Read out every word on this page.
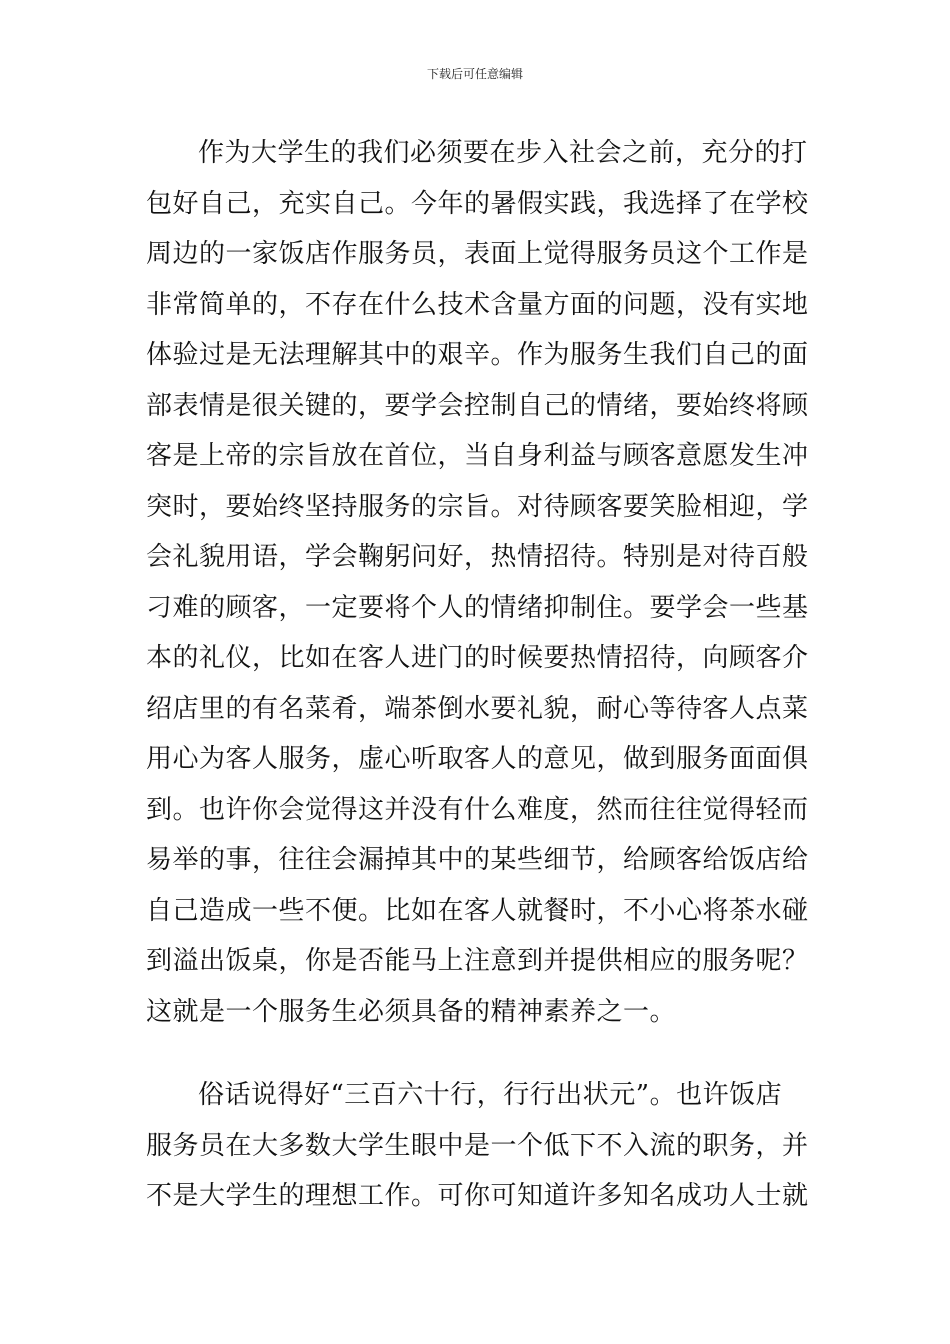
下载后可任意编辑
作为大学生的我们必须要在步入社会之前，充分的打
包好自己，充实自己。今年的暑假实践，我选择了在学校
周边的一家饭店作服务员，表面上觉得服务员这个工作是
非常简单的，不存在什么技术含量方面的问题，没有实地
体验过是无法理解其中的艰辛。作为服务生我们自己的面
部表情是很关键的，要学会控制自己的情绪，要始终将顾
客是上帝的宗旨放在首位，当自身利益与顾客意愿发生冲
突时，要始终坚持服务的宗旨。对待顾客要笑脸相迎，学
会礼貌用语，学会鞠躬问好，热情招待。特别是对待百般
刁难的顾客，一定要将个人的情绪抑制住。要学会一些基
本的礼仪，比如在客人进门的时候要热情招待，向顾客介
绍店里的有名菜肴，端茶倒水要礼貌，耐心等待客人点菜
用心为客人服务，虚心听取客人的意见，做到服务面面俱
到。也许你会觉得这并没有什么难度，然而往往觉得轻而
易举的事，往往会漏掉其中的某些细节，给顾客给饭店给
自己造成一些不便。比如在客人就餐时，不小心将茶水碰
到溢出饭桌，你是否能马上注意到并提供相应的服务呢？
这就是一个服务生必须具备的精神素养之一。
俗话说得好“三百六十行，行行出状元”。也许饭店
服务员在大多数大学生眼中是一个低下不入流的职务，并
不是大学生的理想工作。可你可知道许多知名成功人士就
